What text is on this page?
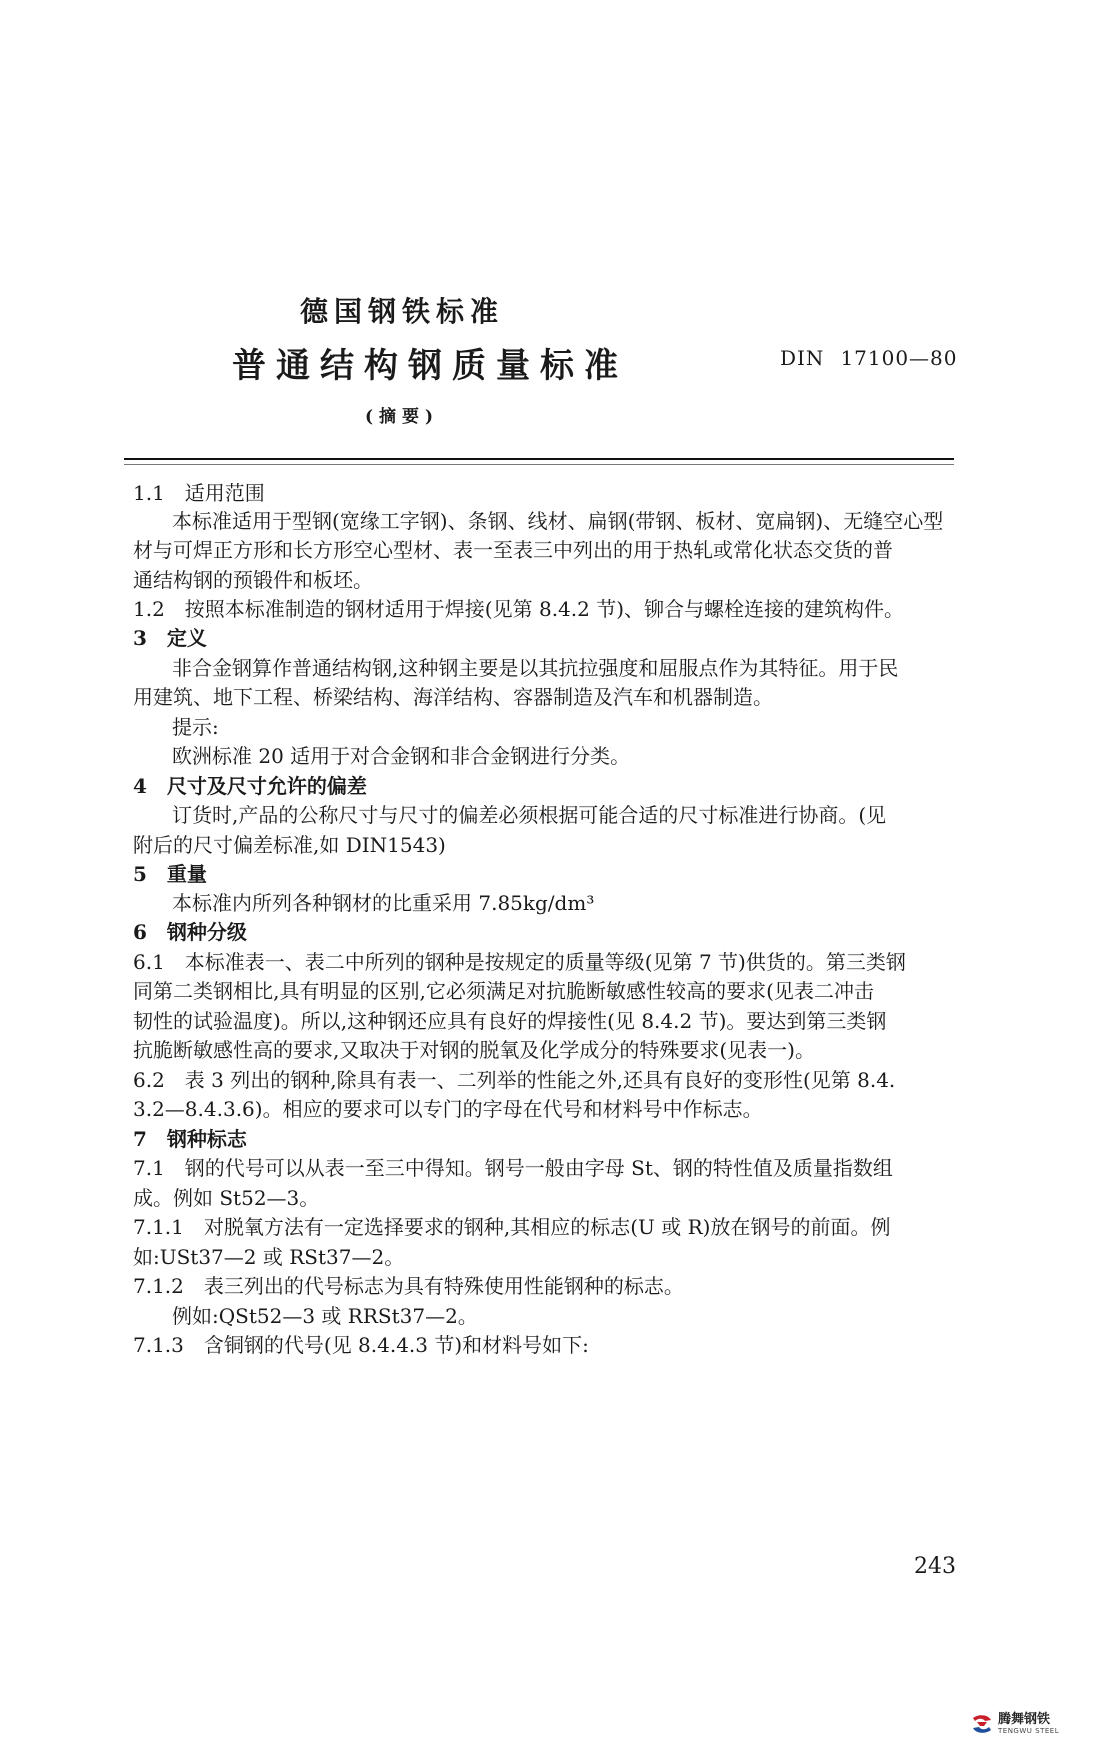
德国钢铁标准
普通结构钢质量标准	DIN 17100—80
(摘要)
1.1　适用范围
本标准适用于型钢(宽缘工字钢)、条钢、线材、扁钢(带钢、板材、宽扁钢)、无缝空心型
材与可焊正方形和长方形空心型材、表一至表三中列出的用于热轧或常化状态交货的普
通结构钢的预锻件和板坯。
1.2　按照本标准制造的钢材适用于焊接(见第 8.4.2 节)、铆合与螺栓连接的建筑构件。
3　定义
非合金钢算作普通结构钢,这种钢主要是以其抗拉强度和屈服点作为其特征。用于民
用建筑、地下工程、桥梁结构、海洋结构、容器制造及汽车和机器制造。
提示:
欧洲标准 20 适用于对合金钢和非合金钢进行分类。
4　尺寸及尺寸允许的偏差
订货时,产品的公称尺寸与尺寸的偏差必须根据可能合适的尺寸标准进行协商。(见
附后的尺寸偏差标准,如 DIN1543)
5　重量
本标准内所列各种钢材的比重采用 7.85kg/dm³
6　钢种分级
6.1　本标准表一、表二中所列的钢种是按规定的质量等级(见第 7 节)供货的。第三类钢
同第二类钢相比,具有明显的区别,它必须满足对抗脆断敏感性较高的要求(见表二冲击
韧性的试验温度)。所以,这种钢还应具有良好的焊接性(见 8.4.2 节)。要达到第三类钢
抗脆断敏感性高的要求,又取决于对钢的脱氧及化学成分的特殊要求(见表一)。
6.2　表 3 列出的钢种,除具有表一、二列举的性能之外,还具有良好的变形性(见第 8.4.
3.2—8.4.3.6)。相应的要求可以专门的字母在代号和材料号中作标志。
7　钢种标志
7.1　钢的代号可以从表一至三中得知。钢号一般由字母 St、钢的特性值及质量指数组
成。例如 St52—3。
7.1.1　对脱氧方法有一定选择要求的钢种,其相应的标志(U 或 R)放在钢号的前面。例
如:USt37—2 或 RSt37—2。
7.1.2　表三列出的代号标志为具有特殊使用性能钢种的标志。
例如:QSt52—3 或 RRSt37—2。
7.1.3　含铜钢的代号(见 8.4.4.3 节)和材料号如下:
243
腾舞钢铁
TENGWU STEEL
